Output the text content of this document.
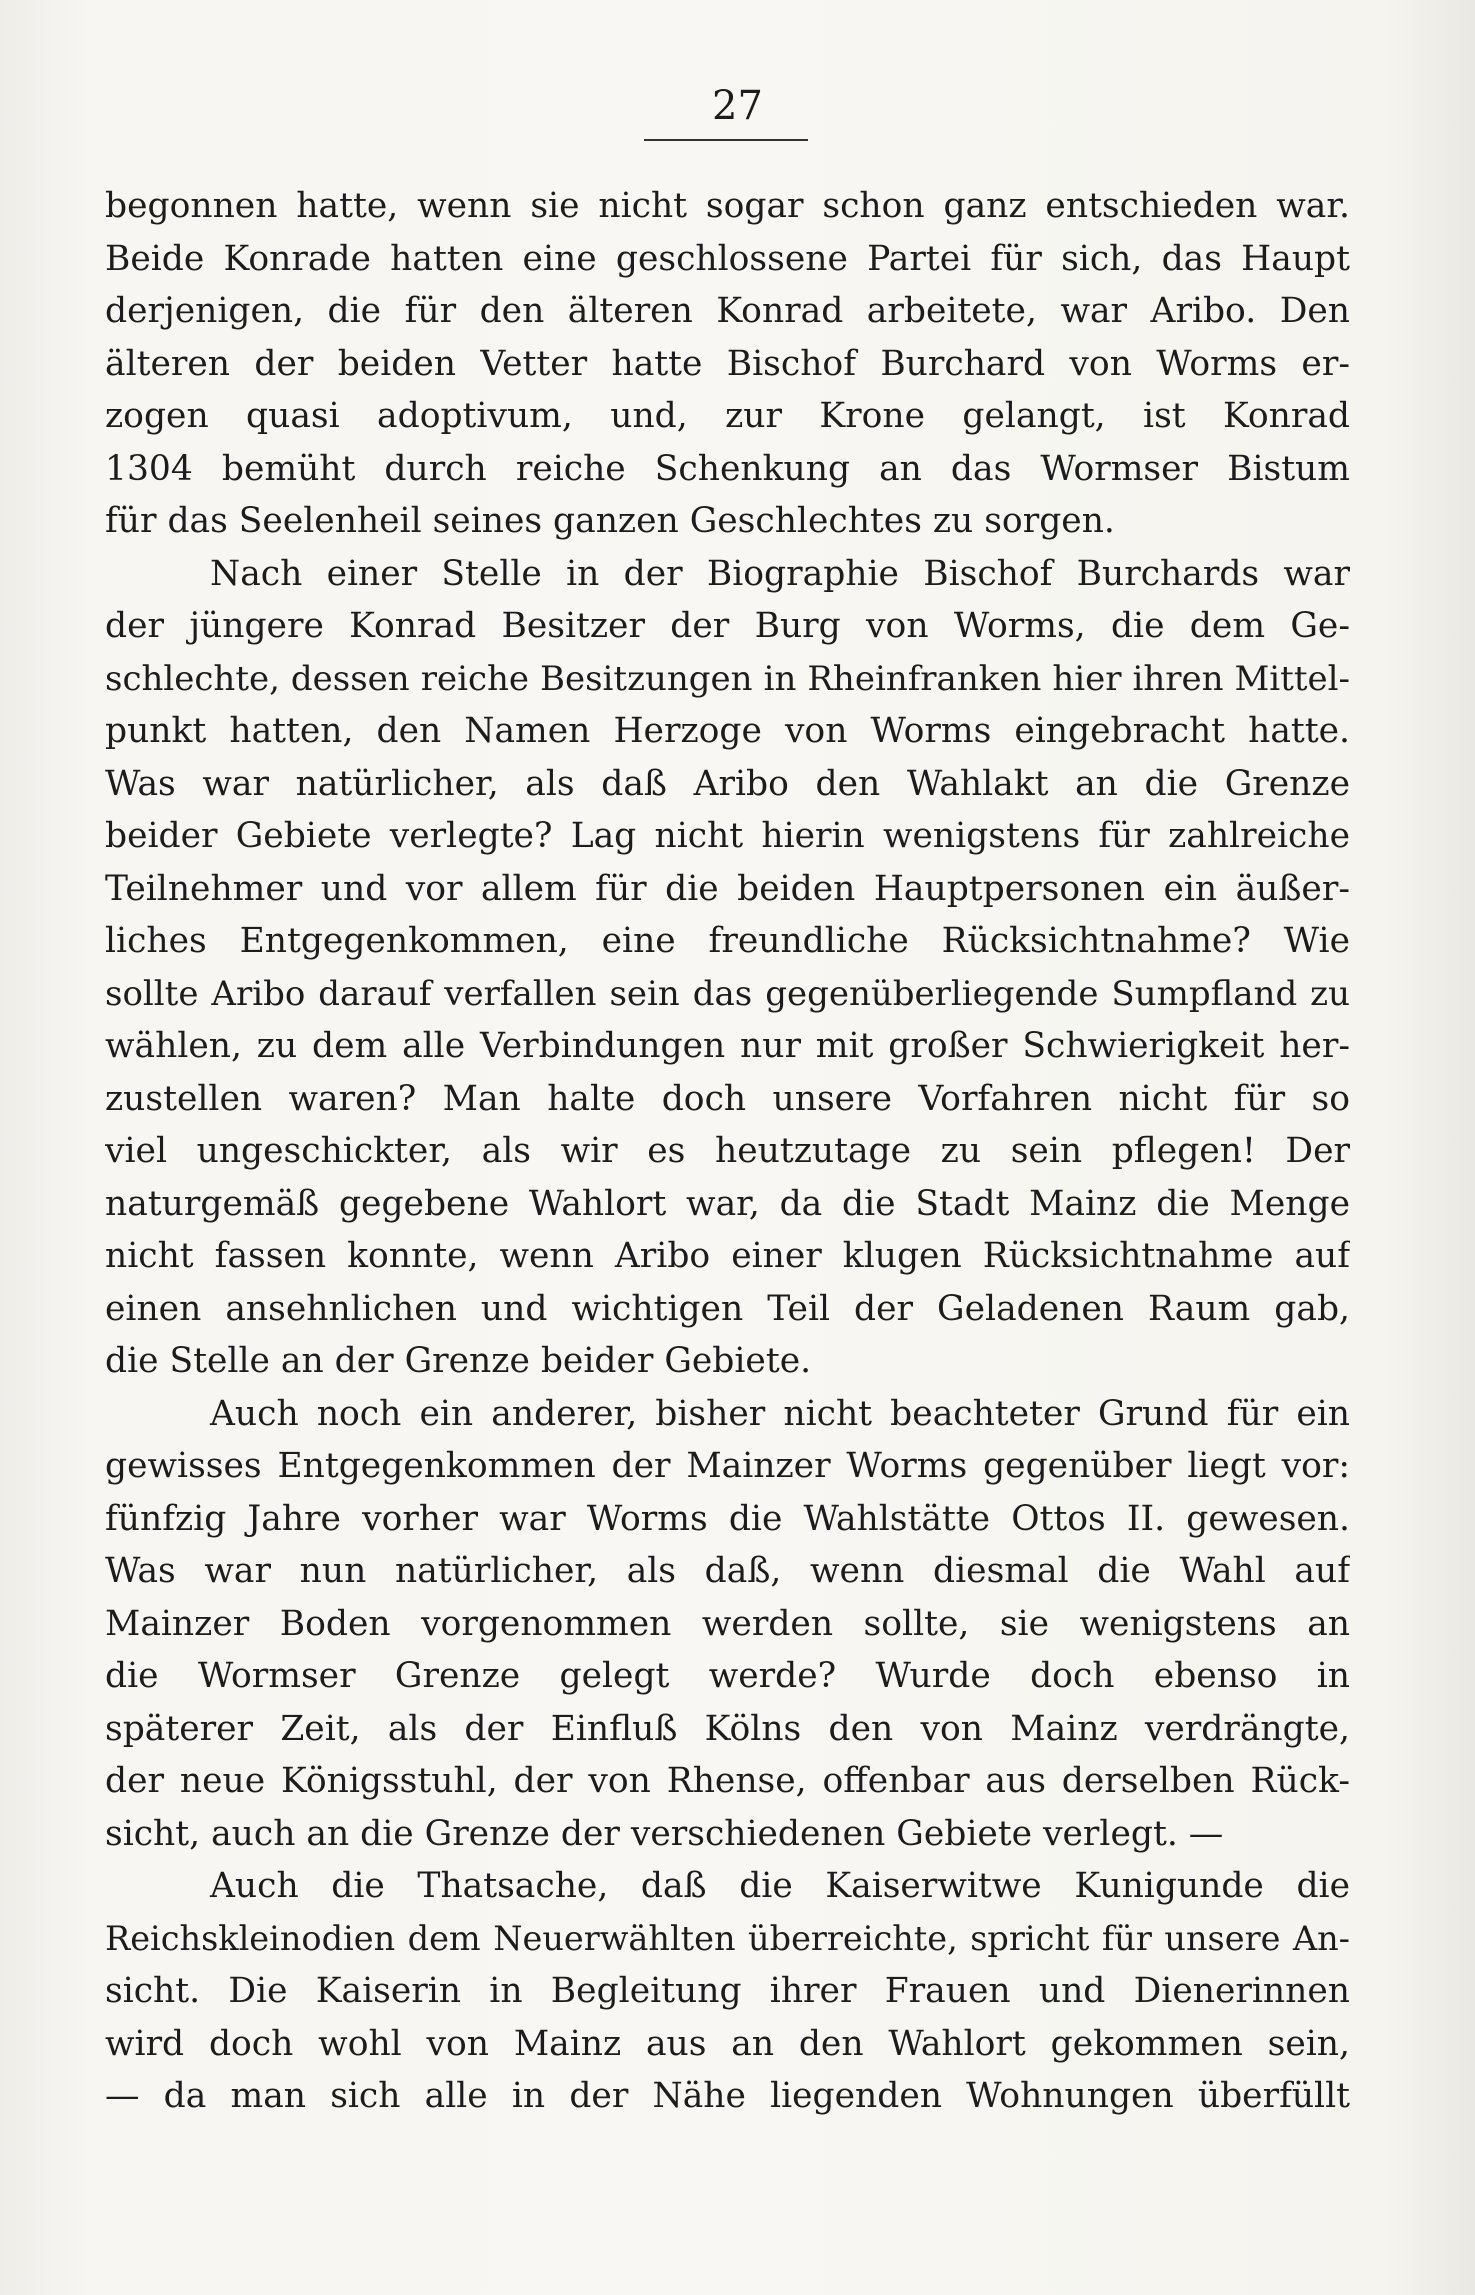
27
begonnen hatte, wenn sie nicht sogar schon ganz entschieden war.
Beide Konrade hatten eine geschlossene Partei für sich, das Haupt
derjenigen, die für den älteren Konrad arbeitete, war Aribo. Den
älteren der beiden Vetter hatte Bischof Burchard von Worms er-
zogen quasi adoptivum, und, zur Krone gelangt, ist Konrad
1304 bemüht durch reiche Schenkung an das Wormser Bistum
für das Seelenheil seines ganzen Geschlechtes zu sorgen.
Nach einer Stelle in der Biographie Bischof Burchards war
der jüngere Konrad Besitzer der Burg von Worms, die dem Ge-
schlechte, dessen reiche Besitzungen in Rheinfranken hier ihren Mittel-
punkt hatten, den Namen Herzoge von Worms eingebracht hatte.
Was war natürlicher, als daß Aribo den Wahlakt an die Grenze
beider Gebiete verlegte? Lag nicht hierin wenigstens für zahlreiche
Teilnehmer und vor allem für die beiden Hauptpersonen ein äußer-
liches Entgegenkommen, eine freundliche Rücksichtnahme? Wie
sollte Aribo darauf verfallen sein das gegenüberliegende Sumpfland zu
wählen, zu dem alle Verbindungen nur mit großer Schwierigkeit her-
zustellen waren? Man halte doch unsere Vorfahren nicht für so
viel ungeschickter, als wir es heutzutage zu sein pflegen! Der
naturgemäß gegebene Wahlort war, da die Stadt Mainz die Menge
nicht fassen konnte, wenn Aribo einer klugen Rücksichtnahme auf
einen ansehnlichen und wichtigen Teil der Geladenen Raum gab,
die Stelle an der Grenze beider Gebiete.
Auch noch ein anderer, bisher nicht beachteter Grund für ein
gewisses Entgegenkommen der Mainzer Worms gegenüber liegt vor:
fünfzig Jahre vorher war Worms die Wahlstätte Ottos II. gewesen.
Was war nun natürlicher, als daß, wenn diesmal die Wahl auf
Mainzer Boden vorgenommen werden sollte, sie wenigstens an
die Wormser Grenze gelegt werde? Wurde doch ebenso in
späterer Zeit, als der Einfluß Kölns den von Mainz verdrängte,
der neue Königsstuhl, der von Rhense, offenbar aus derselben Rück-
sicht, auch an die Grenze der verschiedenen Gebiete verlegt. —
Auch die Thatsache, daß die Kaiserwitwe Kunigunde die
Reichskleinodien dem Neuerwählten überreichte, spricht für unsere An-
sicht. Die Kaiserin in Begleitung ihrer Frauen und Dienerinnen
wird doch wohl von Mainz aus an den Wahlort gekommen sein,
— da man sich alle in der Nähe liegenden Wohnungen überfüllt
